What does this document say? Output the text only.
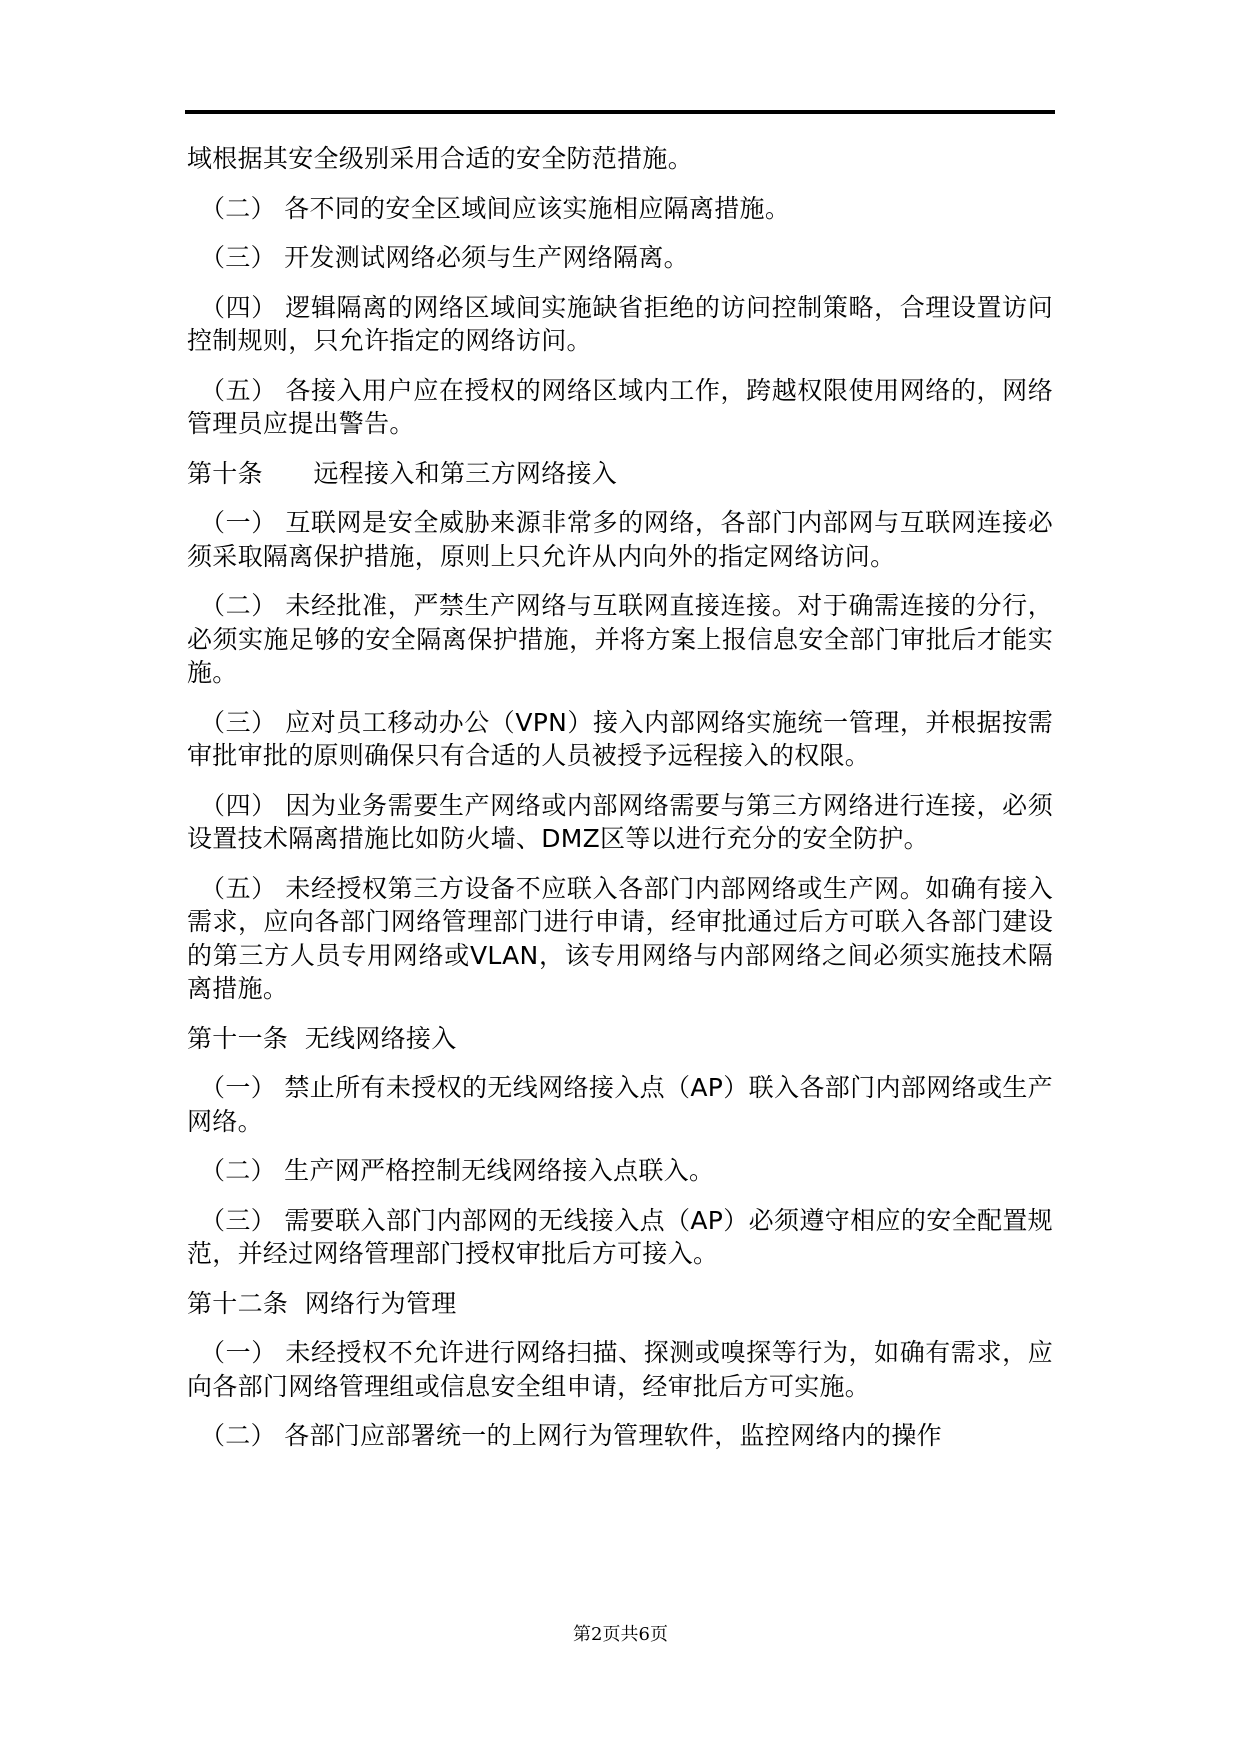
域根据其安全级别采用合适的安全防范措施。

（二） 各不同的安全区域间应该实施相应隔离措施。

（三） 开发测试网络必须与生产网络隔离。

（四） 逻辑隔离的网络区域间实施缺省拒绝的访问控制策略，合理设置访问控制规则，只允许指定的网络访问。

（五） 各接入用户应在授权的网络区域内工作，跨越权限使用网络的，网络管理员应提出警告。

第十条　　远程接入和第三方网络接入

（一） 互联网是安全威胁来源非常多的网络，各部门内部网与互联网连接必须采取隔离保护措施，原则上只允许从内向外的指定网络访问。

（二） 未经批准，严禁生产网络与互联网直接连接。对于确需连接的分行，必须实施足够的安全隔离保护措施，并将方案上报信息安全部门审批后才能实施。

（三） 应对员工移动办公（VPN）接入内部网络实施统一管理，并根据按需审批审批的原则确保只有合适的人员被授予远程接入的权限。

（四） 因为业务需要生产网络或内部网络需要与第三方网络进行连接，必须设置技术隔离措施比如防火墙、DMZ区等以进行充分的安全防护。

（五） 未经授权第三方设备不应联入各部门内部网络或生产网。如确有接入需求，应向各部门网络管理部门进行申请，经审批通过后方可联入各部门建设的第三方人员专用网络或VLAN，该专用网络与内部网络之间必须实施技术隔离措施。

第十一条  无线网络接入

（一） 禁止所有未授权的无线网络接入点（AP）联入各部门内部网络或生产网络。

（二） 生产网严格控制无线网络接入点联入。

（三） 需要联入部门内部网的无线接入点（AP）必须遵守相应的安全配置规范，并经过网络管理部门授权审批后方可接入。

第十二条  网络行为管理

（一） 未经授权不允许进行网络扫描、探测或嗅探等行为，如确有需求，应向各部门网络管理组或信息安全组申请，经审批后方可实施。

（二） 各部门应部署统一的上网行为管理软件，监控网络内的操作

第2页共6页
